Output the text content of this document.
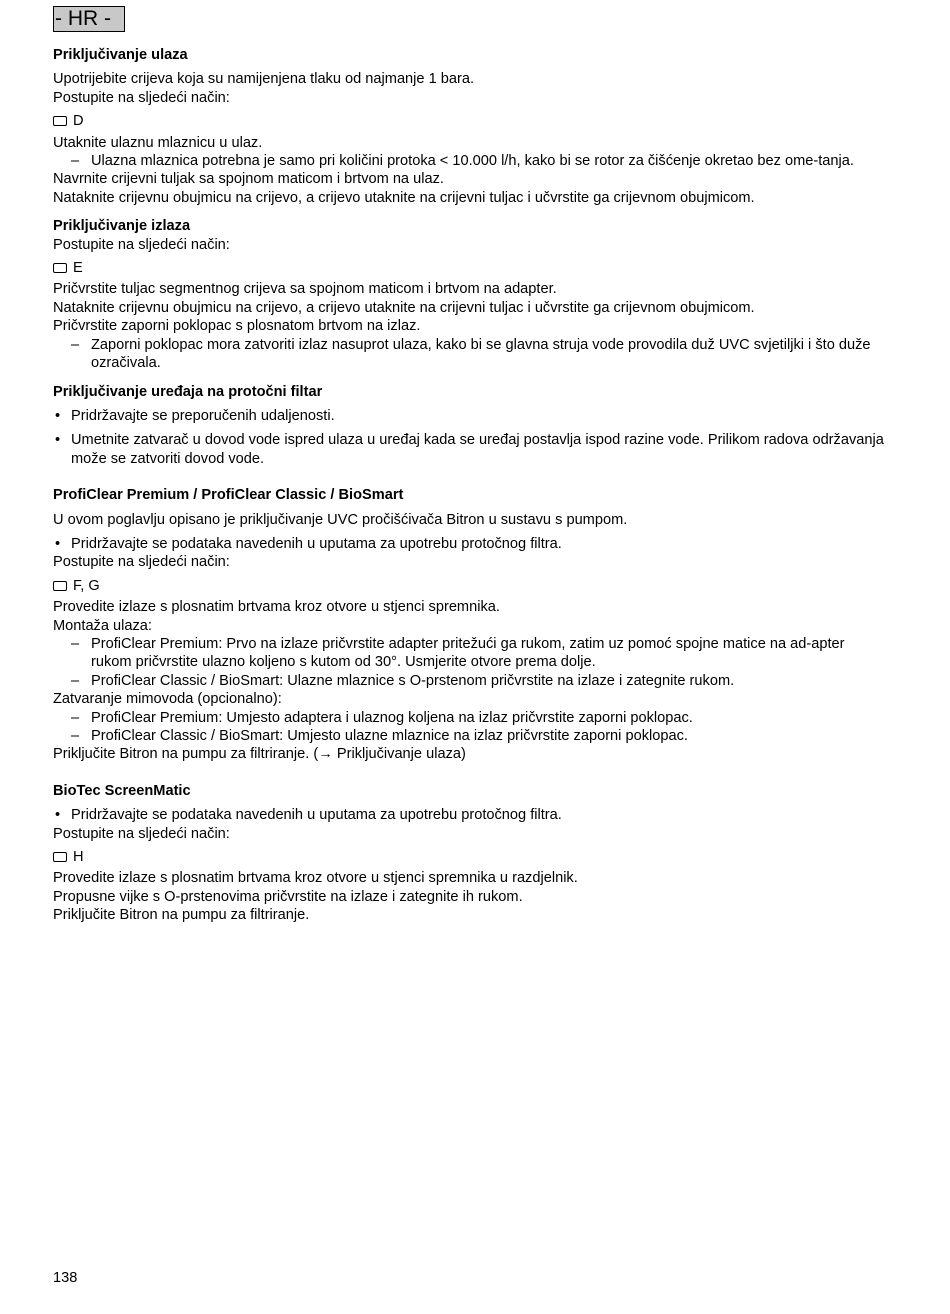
- HR -
Priključivanje ulaza

Upotrijebite crijeva koja su namijenjena tlaku od najmanje 1 bara.

Postupite na sljedeći način:

D

Utaknite ulaznu mlaznicu u ulaz.

– Ulazna mlaznica potrebna je samo pri količini protoka < 10.000 l/h, kako bi se rotor za čišćenje okretao bez ome-tanja.

Navrnite crijevni tuljak sa spojnom maticom i brtvom na ulaz.

Nataknite crijevnu obujmicu na crijevo, a crijevo utaknite na crijevni tuljac i učvrstite ga crijevnom obujmicom.

Priključivanje izlaza

Postupite na sljedeći način:

E

Pričvrstite tuljac segmentnog crijeva sa spojnom maticom i brtvom na adapter.

Nataknite crijevnu obujmicu na crijevo, a crijevo utaknite na crijevni tuljac i učvrstite ga crijevnom obujmicom.

Pričvrstite zaporni poklopac s plosnatom brtvom na izlaz.

– Zaporni poklopac mora zatvoriti izlaz nasuprot ulaza, kako bi se glavna struja vode provodila duž UVC svjetiljki i što duže ozračivala.

Priključivanje uređaja na protočni filtar

• Pridržavajte se preporučenih udaljenosti.

• Umetnite zatvarač u dovod vode ispred ulaza u uređaj kada se uređaj postavlja ispod razine vode. Prilikom radova održavanja može se zatvoriti dovod vode.

ProfiClear Premium / ProfiClear Classic / BioSmart

U ovom poglavlju opisano je priključivanje UVC pročišćivača Bitron u sustavu s pumpom.

• Pridržavajte se podataka navedenih u uputama za upotrebu protočnog filtra.

Postupite na sljedeći način:

F, G

Provedite izlaze s plosnatim brtvama kroz otvore u stjenci spremnika.

Montaža ulaza:

– ProfiClear Premium: Prvo na izlaze pričvrstite adapter pritežući ga rukom, zatim uz pomoć spojne matice na ad-apter rukom pričvrstite ulazno koljeno s kutom od 30°. Usmjerite otvore prema dolje.

– ProfiClear Classic / BioSmart: Ulazne mlaznice s O-prstenom pričvrstite na izlaze i zategnite rukom.

Zatvaranje mimovoda (opcionalno):

– ProfiClear Premium: Umjesto adaptera i ulaznog koljena na izlaz pričvrstite zaporni poklopac.

– ProfiClear Classic / BioSmart: Umjesto ulazne mlaznice na izlaz pričvrstite zaporni poklopac.

Priključite Bitron na pumpu za filtriranje. (→ Priključivanje ulaza)

BioTec ScreenMatic

• Pridržavajte se podataka navedenih u uputama za upotrebu protočnog filtra.

Postupite na sljedeći način:

H

Provedite izlaze s plosnatim brtvama kroz otvore u stjenci spremnika u razdjelnik.

Propusne vijke s O-prstenovima pričvrstite na izlaze i zategnite ih rukom.

Priključite Bitron na pumpu za filtriranje.

138
